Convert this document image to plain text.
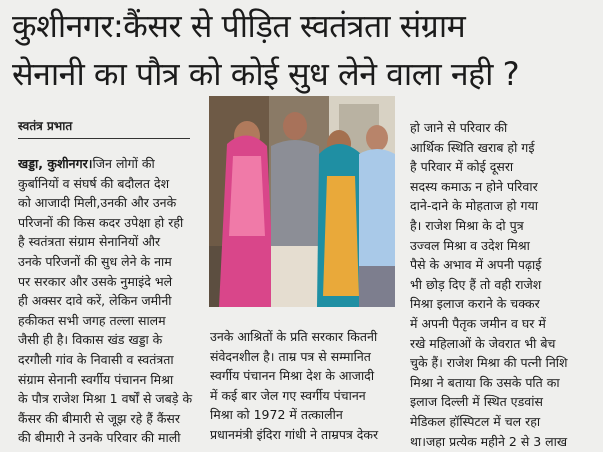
कुशीनगर:कैंसर से पीड़ित स्वतंत्रता संग्राम
सेनानी का पौत्र को कोई सुध लेने वाला नही ?
स्वतंत्र प्रभात
खड्डा, कुशीनगर।जिन लोगों की
कुर्बानियों व संघर्ष की बदौलत देश
को आजादी मिली,उनकी और उनके
परिजनों की किस कदर उपेक्षा हो रही
है स्वतंत्रता संग्राम सेनानियों और
उनके परिजनों की सुध लेने के नाम
पर सरकार और उसके नुमाइंदे भले
ही अक्सर दावे करें, लेकिन जमीनी
हकीकत सभी जगह तल्ला सालम
जैसी ही है। विकास खंड खड्डा के
दरगौली गांव के निवासी व स्वतंत्रता
संग्राम सेनानी स्वर्गीय पंचानन मिश्रा
के पौत्र राजेश मिश्रा 1 वर्षों से जबड़े के
कैंसर की बीमारी से जूझ रहे हैं कैंसर
की बीमारी ने उनके परिवार की माली
उनके आश्रितों के प्रति सरकार कितनी
संवेदनशील है। ताम्र पत्र से सम्मानित
स्वर्गीय पंचानन मिश्रा देश के आजादी
में कई बार जेल गए स्वर्गीय पंचानन
मिश्रा को 1972 में तत्कालीन
प्रधानमंत्री इंदिरा गांधी ने ताम्रपत्र देकर
हो जाने से परिवार की
आर्थिक स्थिति खराब हो गई
है परिवार में कोई दूसरा
सदस्य कमाऊ न होने परिवार
दाने-दाने के मोहताज हो गया
है। राजेश मिश्रा के दो पुत्र
उज्वल मिश्रा व उदेश मिश्रा
पैसे के अभाव में अपनी पढ़ाई
भी छोड़ दिए हैं तो वही राजेश
मिश्रा इलाज कराने के चक्कर
में अपनी पैतृक जमीन व घर में
रखे महिलाओं के जेवरात भी बेच
चुके हैं। राजेश मिश्रा की पत्नी निशि
मिश्रा ने बताया कि उसके पति का
इलाज दिल्ली में स्थित एडवांस
मेडिकल हॉस्पिटल में चल रहा
था।जहा प्रत्येक महीने 2 से 3 लाख
